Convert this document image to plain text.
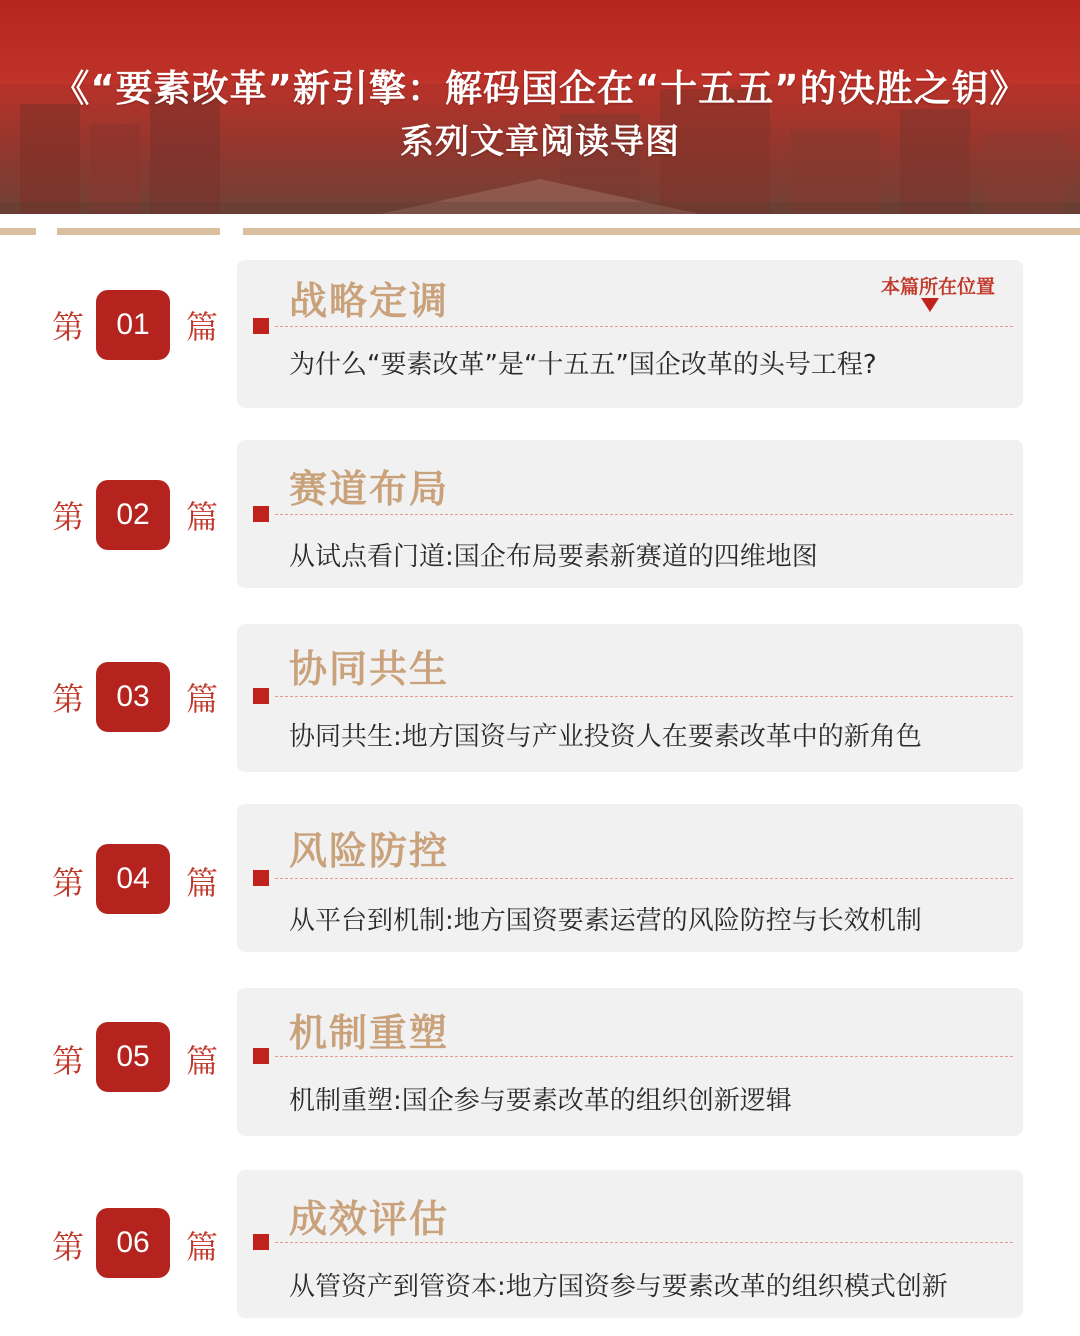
《“要素改革”新引擎：解码国企在“十五五”的决胜之钥》
系列文章阅读导图
第	01	篇
战略定调	本篇所在位置
为什么“要素改革”是“十五五”国企改革的头号工程?
第	02	篇
赛道布局
从试点看门道:国企布局要素新赛道的四维地图
第	03	篇
协同共生
协同共生:地方国资与产业投资人在要素改革中的新角色
第	04	篇
风险防控
从平台到机制:地方国资要素运营的风险防控与长效机制
第	05	篇
机制重塑
机制重塑:国企参与要素改革的组织创新逻辑
第	06	篇
成效评估
从管资产到管资本:地方国资参与要素改革的组织模式创新
